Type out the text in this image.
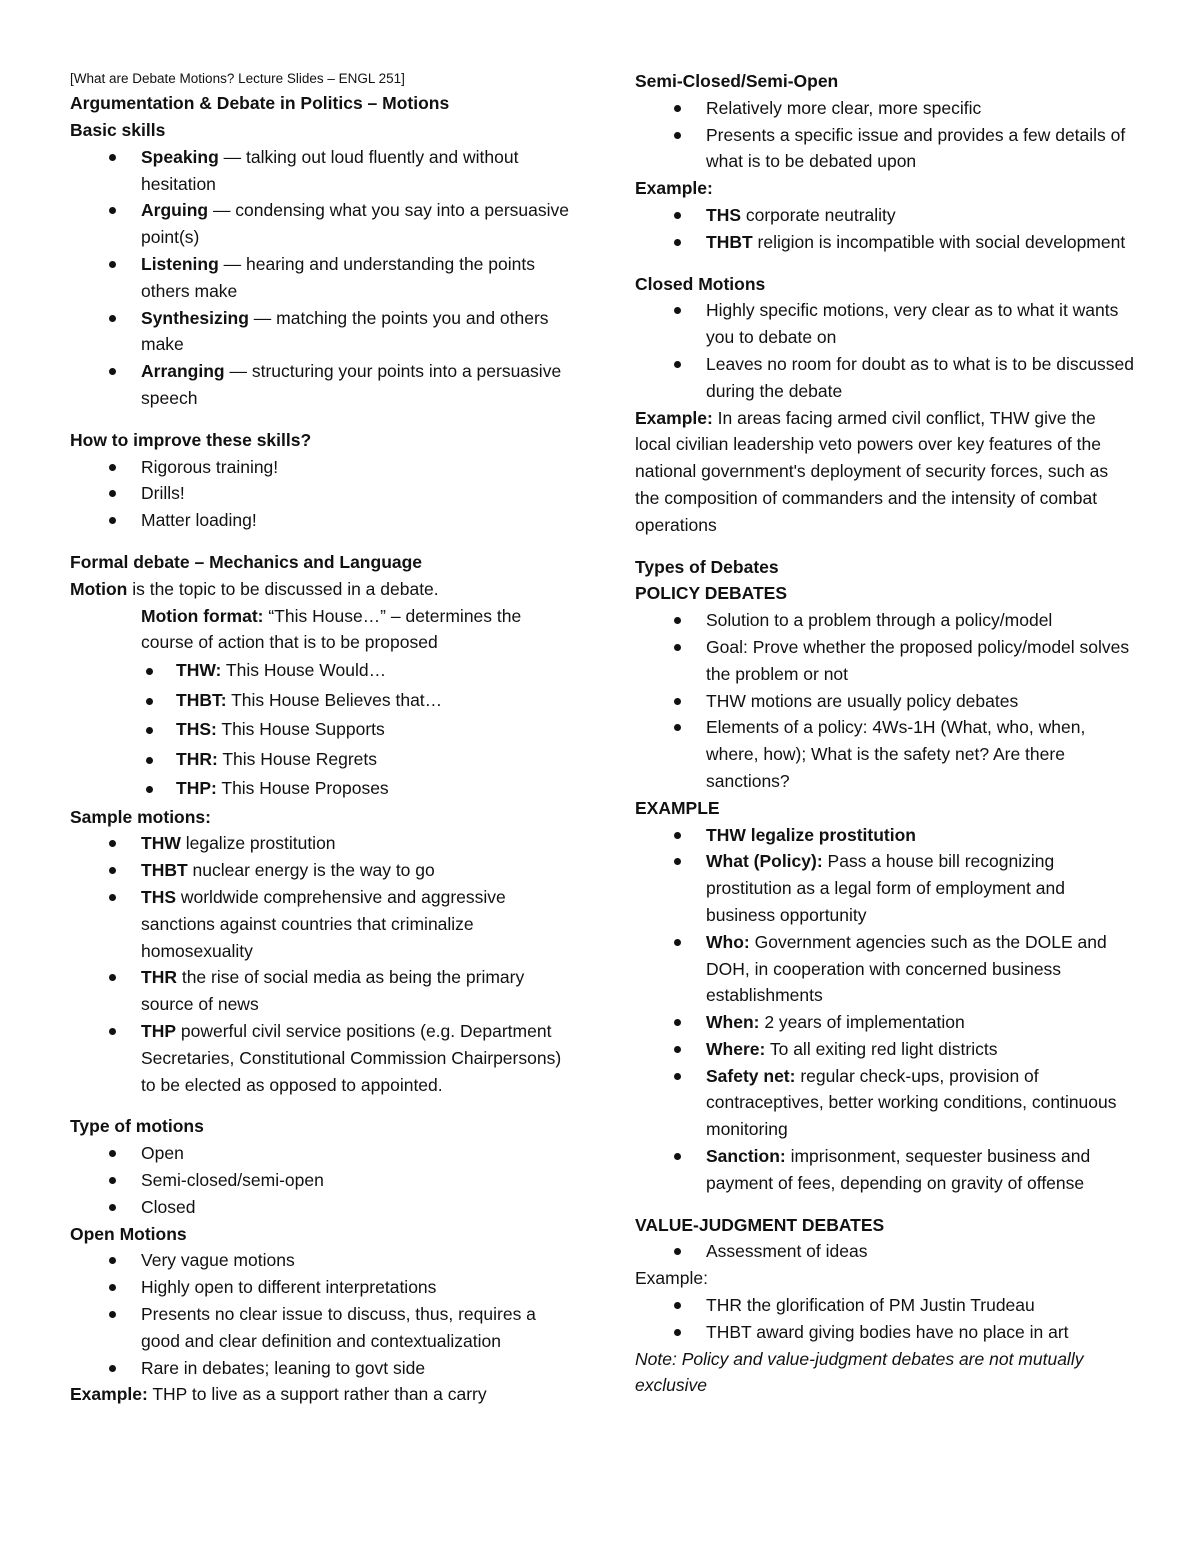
[What are Debate Motions? Lecture Slides – ENGL 251]
Argumentation & Debate in Politics – Motions
Basic skills
Speaking — talking out loud fluently and without hesitation
Arguing — condensing what you say into a persuasive point(s)
Listening — hearing and understanding the points others make
Synthesizing — matching the points you and others make
Arranging — structuring your points into a persuasive speech
How to improve these skills?
Rigorous training!
Drills!
Matter loading!
Formal debate – Mechanics and Language
Motion is the topic to be discussed in a debate.
Motion format: “This House…” – determines the course of action that is to be proposed
THW: This House Would…
THBT: This House Believes that…
THS: This House Supports
THR: This House Regrets
THP: This House Proposes
Sample motions:
THW legalize prostitution
THBT nuclear energy is the way to go
THS worldwide comprehensive and aggressive sanctions against countries that criminalize homosexuality
THR the rise of social media as being the primary source of news
THP powerful civil service positions (e.g. Department Secretaries, Constitutional Commission Chairpersons) to be elected as opposed to appointed.
Type of motions
Open
Semi-closed/semi-open
Closed
Open Motions
Very vague motions
Highly open to different interpretations
Presents no clear issue to discuss, thus, requires a good and clear definition and contextualization
Rare in debates; leaning to govt side
Example: THP to live as a support rather than a carry
Semi-Closed/Semi-Open
Relatively more clear, more specific
Presents a specific issue and provides a few details of what is to be debated upon
Example:
THS corporate neutrality
THBT religion is incompatible with social development
Closed Motions
Highly specific motions, very clear as to what it wants you to debate on
Leaves no room for doubt as to what is to be discussed during the debate
Example: In areas facing armed civil conflict, THW give the local civilian leadership veto powers over key features of the national government's deployment of security forces, such as the composition of commanders and the intensity of combat operations
Types of Debates
POLICY DEBATES
Solution to a problem through a policy/model
Goal: Prove whether the proposed policy/model solves the problem or not
THW motions are usually policy debates
Elements of a policy: 4Ws-1H (What, who, when, where, how); What is the safety net? Are there sanctions?
EXAMPLE
THW legalize prostitution
What (Policy): Pass a house bill recognizing prostitution as a legal form of employment and business opportunity
Who: Government agencies such as the DOLE and DOH, in cooperation with concerned business establishments
When: 2 years of implementation
Where: To all exiting red light districts
Safety net: regular check-ups, provision of contraceptives, better working conditions, continuous monitoring
Sanction: imprisonment, sequester business and payment of fees, depending on gravity of offense
VALUE-JUDGMENT DEBATES
Assessment of ideas
Example:
THR the glorification of PM Justin Trudeau
THBT award giving bodies have no place in art
Note: Policy and value-judgment debates are not mutually exclusive
